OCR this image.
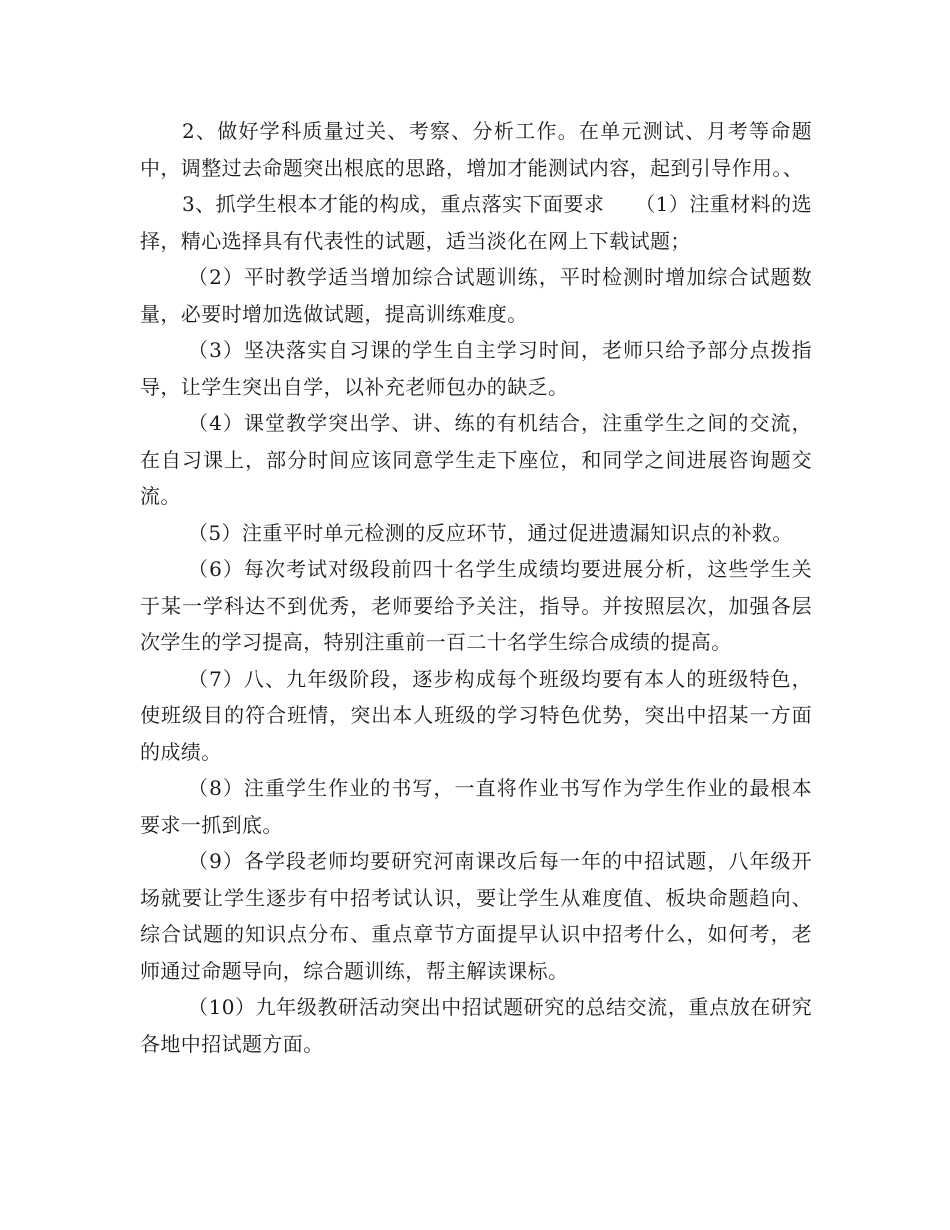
2、做好学科质量过关、考察、分析工作。在单元测试、月考等命题中，调整过去命题突出根底的思路，增加才能测试内容，起到引导作用。、

3、抓学生根本才能的构成，重点落实下面要求　　（1）注重材料的选择，精心选择具有代表性的试题，适当淡化在网上下载试题；

（2）平时教学适当增加综合试题训练，平时检测时增加综合试题数量，必要时增加选做试题，提高训练难度。

（3）坚决落实自习课的学生自主学习时间，老师只给予部分点拨指导，让学生突出自学，以补充老师包办的缺乏。

（4）课堂教学突出学、讲、练的有机结合，注重学生之间的交流，在自习课上，部分时间应该同意学生走下座位，和同学之间进展咨询题交流。

（5）注重平时单元检测的反应环节，通过促进遗漏知识点的补救。

（6）每次考试对级段前四十名学生成绩均要进展分析，这些学生关于某一学科达不到优秀，老师要给予关注，指导。并按照层次，加强各层次学生的学习提高，特别注重前一百二十名学生综合成绩的提高。

（7）八、九年级阶段，逐步构成每个班级均要有本人的班级特色，使班级目的符合班情，突出本人班级的学习特色优势，突出中招某一方面的成绩。

（8）注重学生作业的书写，一直将作业书写作为学生作业的最根本要求一抓到底。

（9）各学段老师均要研究河南课改后每一年的中招试题，八年级开场就要让学生逐步有中招考试认识，要让学生从难度值、板块命题趋向、综合试题的知识点分布、重点章节方面提早认识中招考什么，如何考，老师通过命题导向，综合题训练，帮主解读课标。

（10）九年级教研活动突出中招试题研究的总结交流，重点放在研究各地中招试题方面。
